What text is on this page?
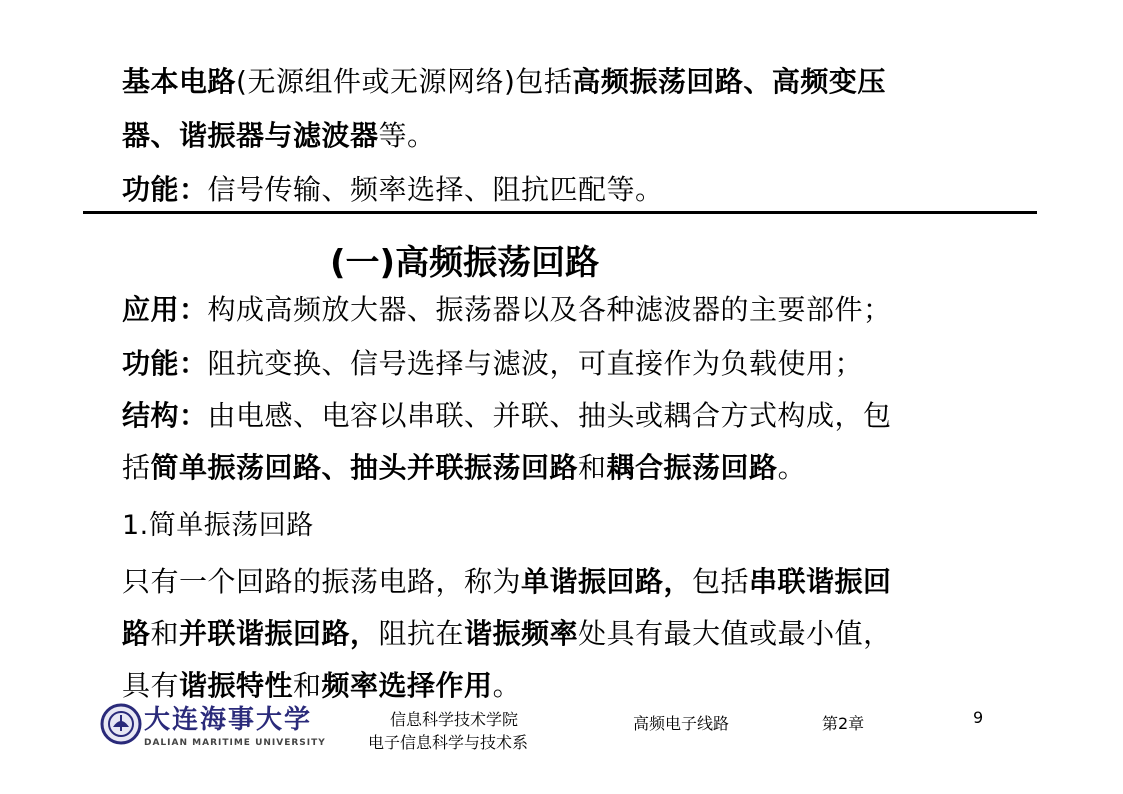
基本电路(无源组件或无源网络)包括高频振荡回路、高频变压
器、谐振器与滤波器等。
功能：信号传输、频率选择、阻抗匹配等。
(一)高频振荡回路
应用：构成高频放大器、振荡器以及各种滤波器的主要部件；
功能：阻抗变换、信号选择与滤波，可直接作为负载使用；
结构：由电感、电容以串联、并联、抽头或耦合方式构成，包
括简单振荡回路、抽头并联振荡回路和耦合振荡回路。
1.简单振荡回路
只有一个回路的振荡电路，称为单谐振回路，包括串联谐振回
路和并联谐振回路，阻抗在谐振频率处具有最大值或最小值，
具有谐振特性和频率选择作用。
大连海事大学
DALIAN MARITIME UNIVERSITY
信息科学技术学院
电子信息科学与技术系
高频电子线路	第2章	9
